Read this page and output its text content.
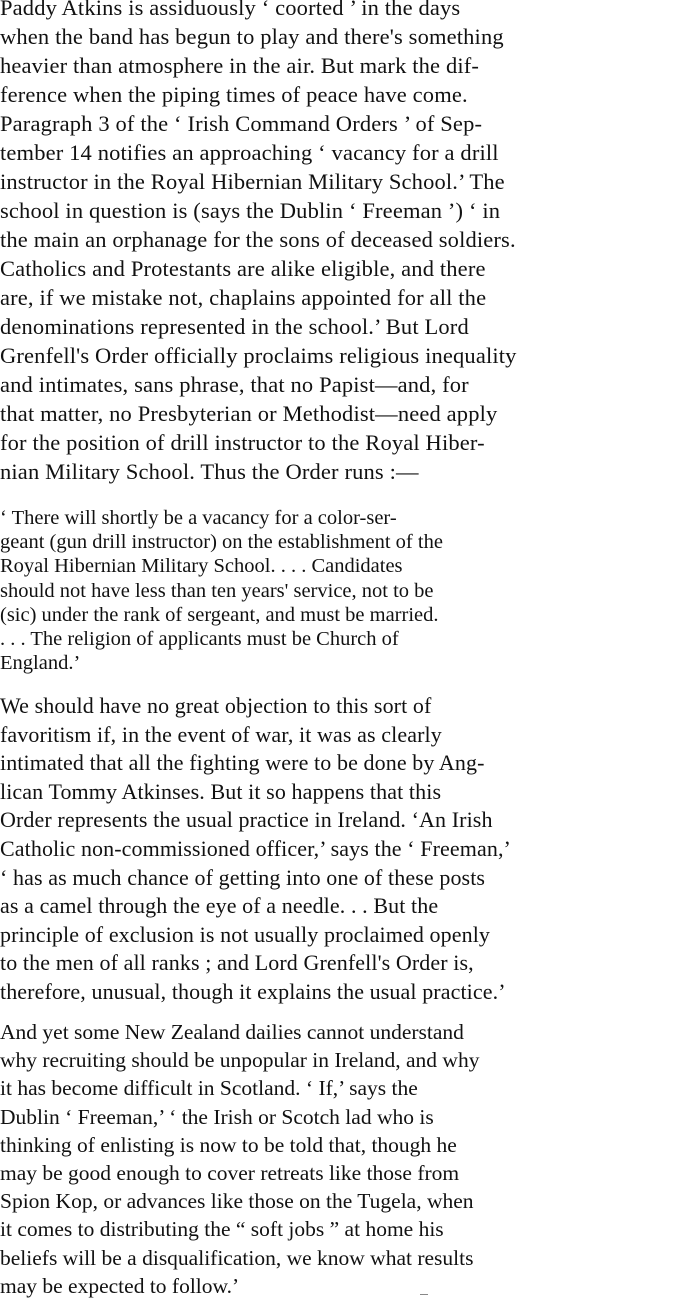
Paddy Atkins is assiduously ‘ coorted ’ in the days
when the band has begun to play and there's something
heavier than atmosphere in the air. But mark the dif-
ference when the piping times of peace have come.
Paragraph 3 of the ‘ Irish Command Orders ’ of Sep-
tember 14 notifies an approaching ‘ vacancy for a drill
instructor in the Royal Hibernian Military School.’ The
school in question is (says the Dublin ‘ Freeman ’) ‘ in
the main an orphanage for the sons of deceased soldiers.
Catholics and Protestants are alike eligible, and there
are, if we mistake not, chaplains appointed for all the
denominations represented in the school.’ But Lord
Grenfell's Order officially proclaims religious inequality
and intimates, sans phrase, that no Papist—and, for
that matter, no Presbyterian or Methodist—need apply
for the position of drill instructor to the Royal Hiber-
nian Military School. Thus the Order runs :—
‘ There will shortly be a vacancy for a color-ser-
geant (gun drill instructor) on the establishment of the
Royal Hibernian Military School. . . . Candidates
should not have less than ten years' service, not to be
(sic) under the rank of sergeant, and must be married.
. . . The religion of applicants must be Church of
England.’
We should have no great objection to this sort of
favoritism if, in the event of war, it was as clearly
intimated that all the fighting were to be done by Ang-
lican Tommy Atkinses. But it so happens that this
Order represents the usual practice in Ireland. ‘An Irish
Catholic non-commissioned officer,’ says the ‘ Freeman,’
‘ has as much chance of getting into one of these posts
as a camel through the eye of a needle. . . But the
principle of exclusion is not usually proclaimed openly
to the men of all ranks ; and Lord Grenfell's Order is,
therefore, unusual, though it explains the usual practice.’
And yet some New Zealand dailies cannot understand
why recruiting should be unpopular in Ireland, and why
it has become difficult in Scotland. ‘ If,’ says the
Dublin ‘ Freeman,’ ‘ the Irish or Scotch lad who is
thinking of enlisting is now to be told that, though he
may be good enough to cover retreats like those from
Spion Kop, or advances like those on the Tugela, when
it comes to distributing the “ soft jobs ” at home his
beliefs will be a disqualification, we know what results
may be expected to follow.’
